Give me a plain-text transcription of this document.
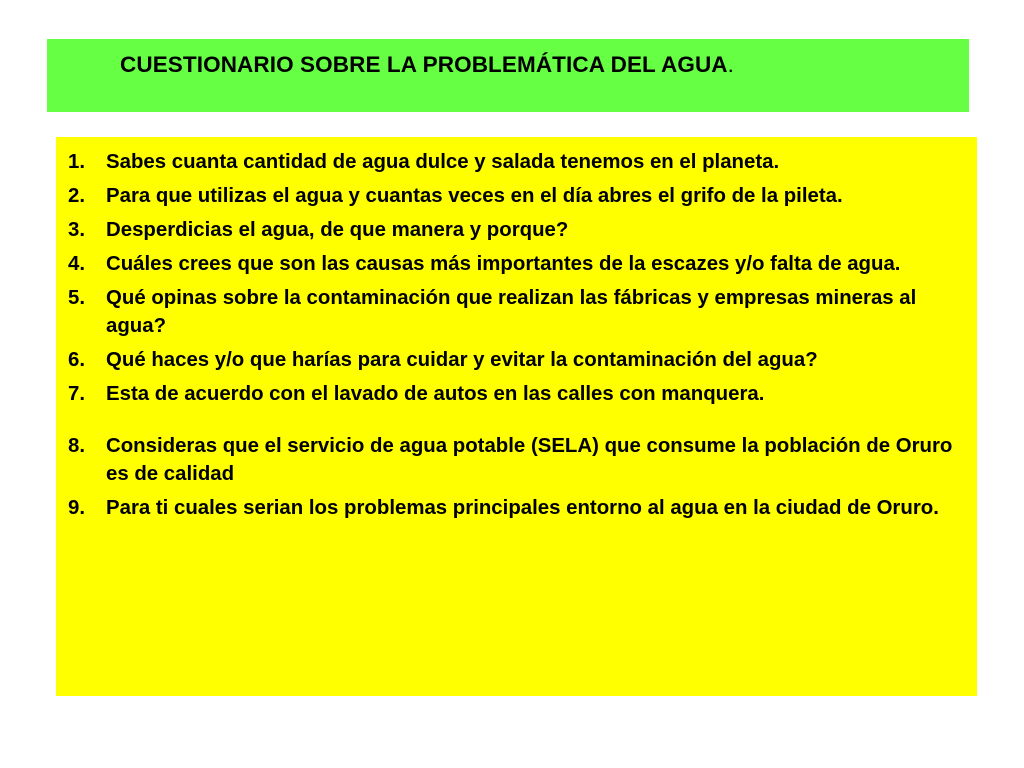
CUESTIONARIO SOBRE LA PROBLEMÁTICA DEL AGUA.
1.	Sabes cuanta cantidad de agua dulce y salada tenemos en el planeta.
2.	Para que utilizas el agua y cuantas veces en el día abres el grifo de la pileta.
3.	Desperdicias el agua, de que manera y porque?
4.	Cuáles crees que son las causas más importantes de la escazes y/o falta de agua.
5.	Qué opinas sobre la contaminación que realizan las fábricas y empresas mineras al agua?
6.	Qué haces y/o que harías para cuidar y evitar la contaminación del agua?
7.	Esta de acuerdo con el lavado de autos en las calles con manquera.
8.	Consideras que el servicio de agua potable (SELA) que consume la población de Oruro es de calidad
9.	Para ti cuales serian los problemas principales entorno al agua en la ciudad de Oruro.
